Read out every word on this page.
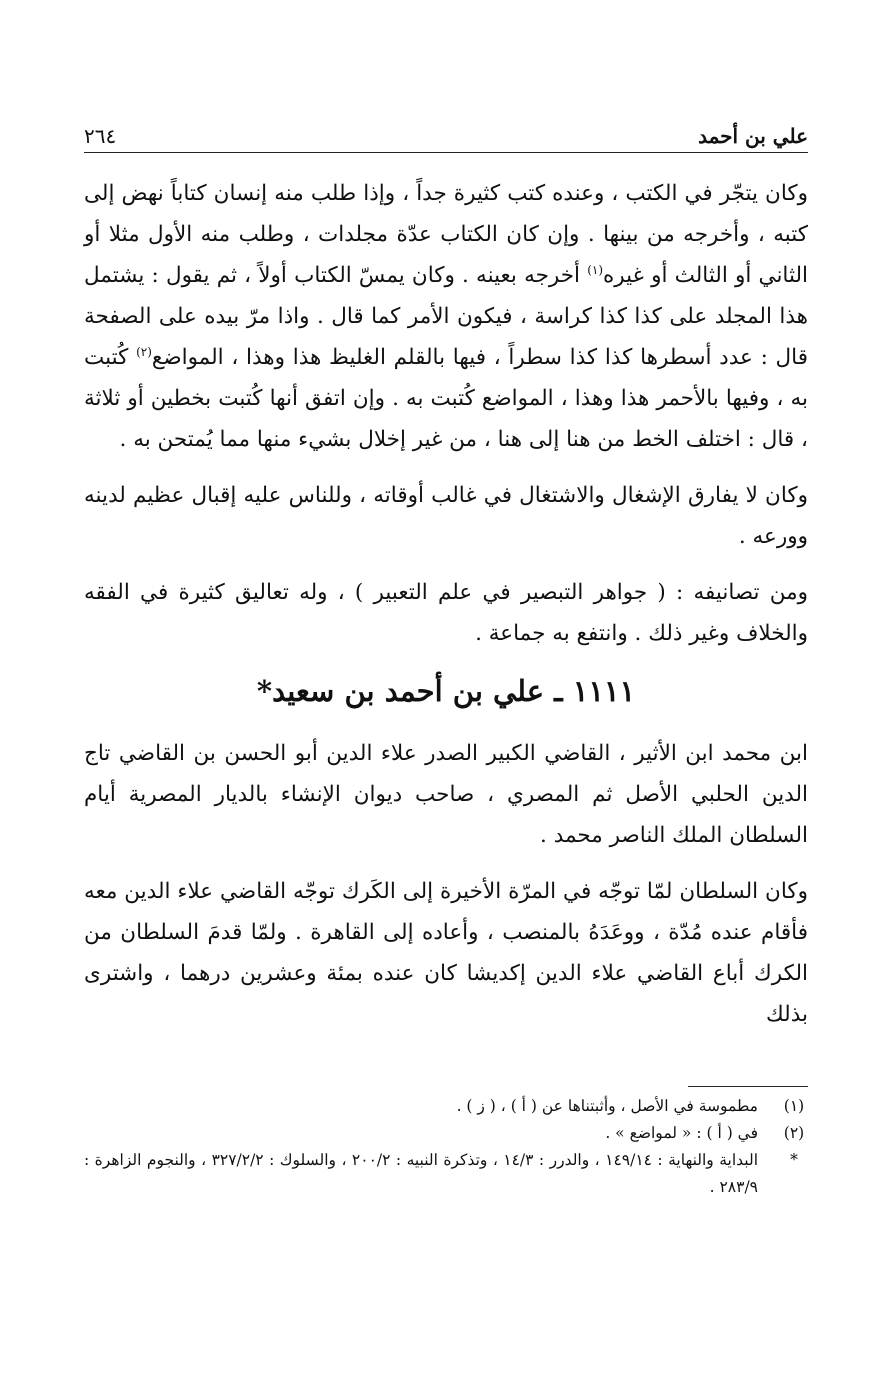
علي بن أحمد
٢٦٤

وكان يتجّر في الكتب ، وعنده كتب كثيرة جداً ، وإذا طلب منه إنسان كتاباً نهض إلى كتبه ، وأخرجه من بينها . وإن كان الكتاب عدّة مجلدات ، وطلب منه الأول مثلا أو الثاني أو الثالث أو غيره$^{(١)}$ أخرجه بعينه . وكان يمسّ الكتاب أولاً ، ثم يقول : يشتمل هذا المجلد على كذا كذا كراسة ، فيكون الأمر كما قال . واذا مرّ بيده على الصفحة قال : عدد أسطرها كذا كذا سطراً ، فيها بالقلم الغليظ هذا وهذا ، المواضع$^{(٢)}$ كُتبت به ، وفيها بالأحمر هذا وهذا ، المواضع كُتبت به . وإن اتفق أنها كُتبت بخطين أو ثلاثة ، قال : اختلف الخط من هنا إلى هنا ، من غير إخلال بشيء منها مما يُمتحن به .

وكان لا يفارق الإشغال والاشتغال في غالب أوقاته ، وللناس عليه إقبال عظيم لدينه وورعه .

ومن تصانيفه : ( جواهر التبصير في علم التعبير ) ، وله تعاليق كثيرة في الفقه والخلاف وغير ذلك . وانتفع به جماعة .

١١١١ ـ علي بن أحمد بن سعيد*

ابن محمد ابن الأثير ، القاضي الكبير الصدر علاء الدين أبو الحسن بن القاضي تاج الدين الحلبي الأصل ثم المصري ، صاحب ديوان الإنشاء بالديار المصرية أيام السلطان الملك الناصر محمد .

وكان السلطان لمّا توجّه في المرّة الأخيرة إلى الكَرك توجّه القاضي علاء الدين معه فأقام عنده مُدّة ، ووعَدَهُ بالمنصب ، وأعاده إلى القاهرة . ولمّا قدمَ السلطان من الكرك أباع القاضي علاء الدين إكديشا كان عنده بمئة وعشرين درهما ، واشترى بذلك

(١)
مطموسة في الأصل ، وأثبتناها عن ( أ ) ، ( ز ) .
(٢)
في ( أ ) : « لمواضع » .
*
البداية والنهاية : ١٤٩/١٤ ، والدرر : ١٤/٣ ، وتذكرة النبيه : ٢٠٠/٢ ، والسلوك : ٣٢٧/٢/٢ ، والنجوم الزاهرة : ٢٨٣/٩ .
